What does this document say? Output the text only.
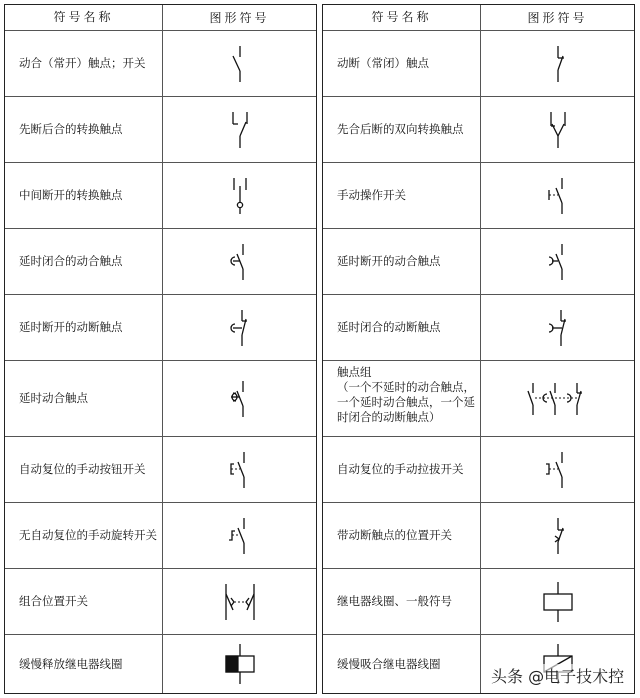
符号名称	图形符号
动合（常开）触点；开关
先断后合的转换触点
中间断开的转换触点
延时闭合的动合触点
延时断开的动断触点
延时动合触点
自动复位的手动按钮开关
无自动复位的手动旋转开关
组合位置开关
缓慢释放继电器线圈
符号名称	图形符号
动断（常闭）触点
先合后断的双向转换触点
手动操作开关
延时断开的动合触点
延时闭合的动断触点
触点组
（一个不延时的动合触点，
一个延时动合触点，一个延
时闭合的动断触点）
自动复位的手动拉拔开关
带动断触点的位置开关
继电器线圈、一般符号
缓慢吸合继电器线圈
头条 @电子技术控
